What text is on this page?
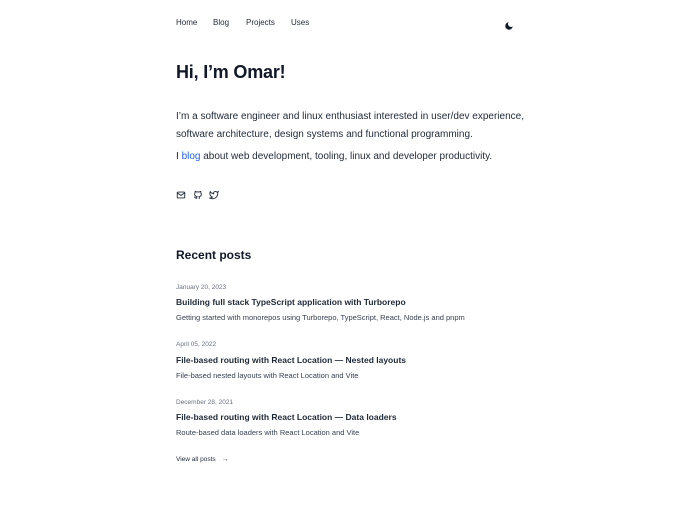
Home Blog Projects Uses
Hi, I’m Omar!

I’m a software engineer and linux enthusiast interested in user/dev experience,

software architecture, design systems and functional programming.

I blog about web development, tooling, linux and developer productivity.

Recent posts
January 20, 2023
Building full stack TypeScript application with Turborepo
Getting started with monorepos using Turborepo, TypeScript, React, Node.js and pnpm
April 05, 2022
File-based routing with React Location — Nested layouts
File-based nested layouts with React Location and Vite
December 28, 2021
File-based routing with React Location — Data loaders
Route-based data loaders with React Location and Vite
View all posts →
